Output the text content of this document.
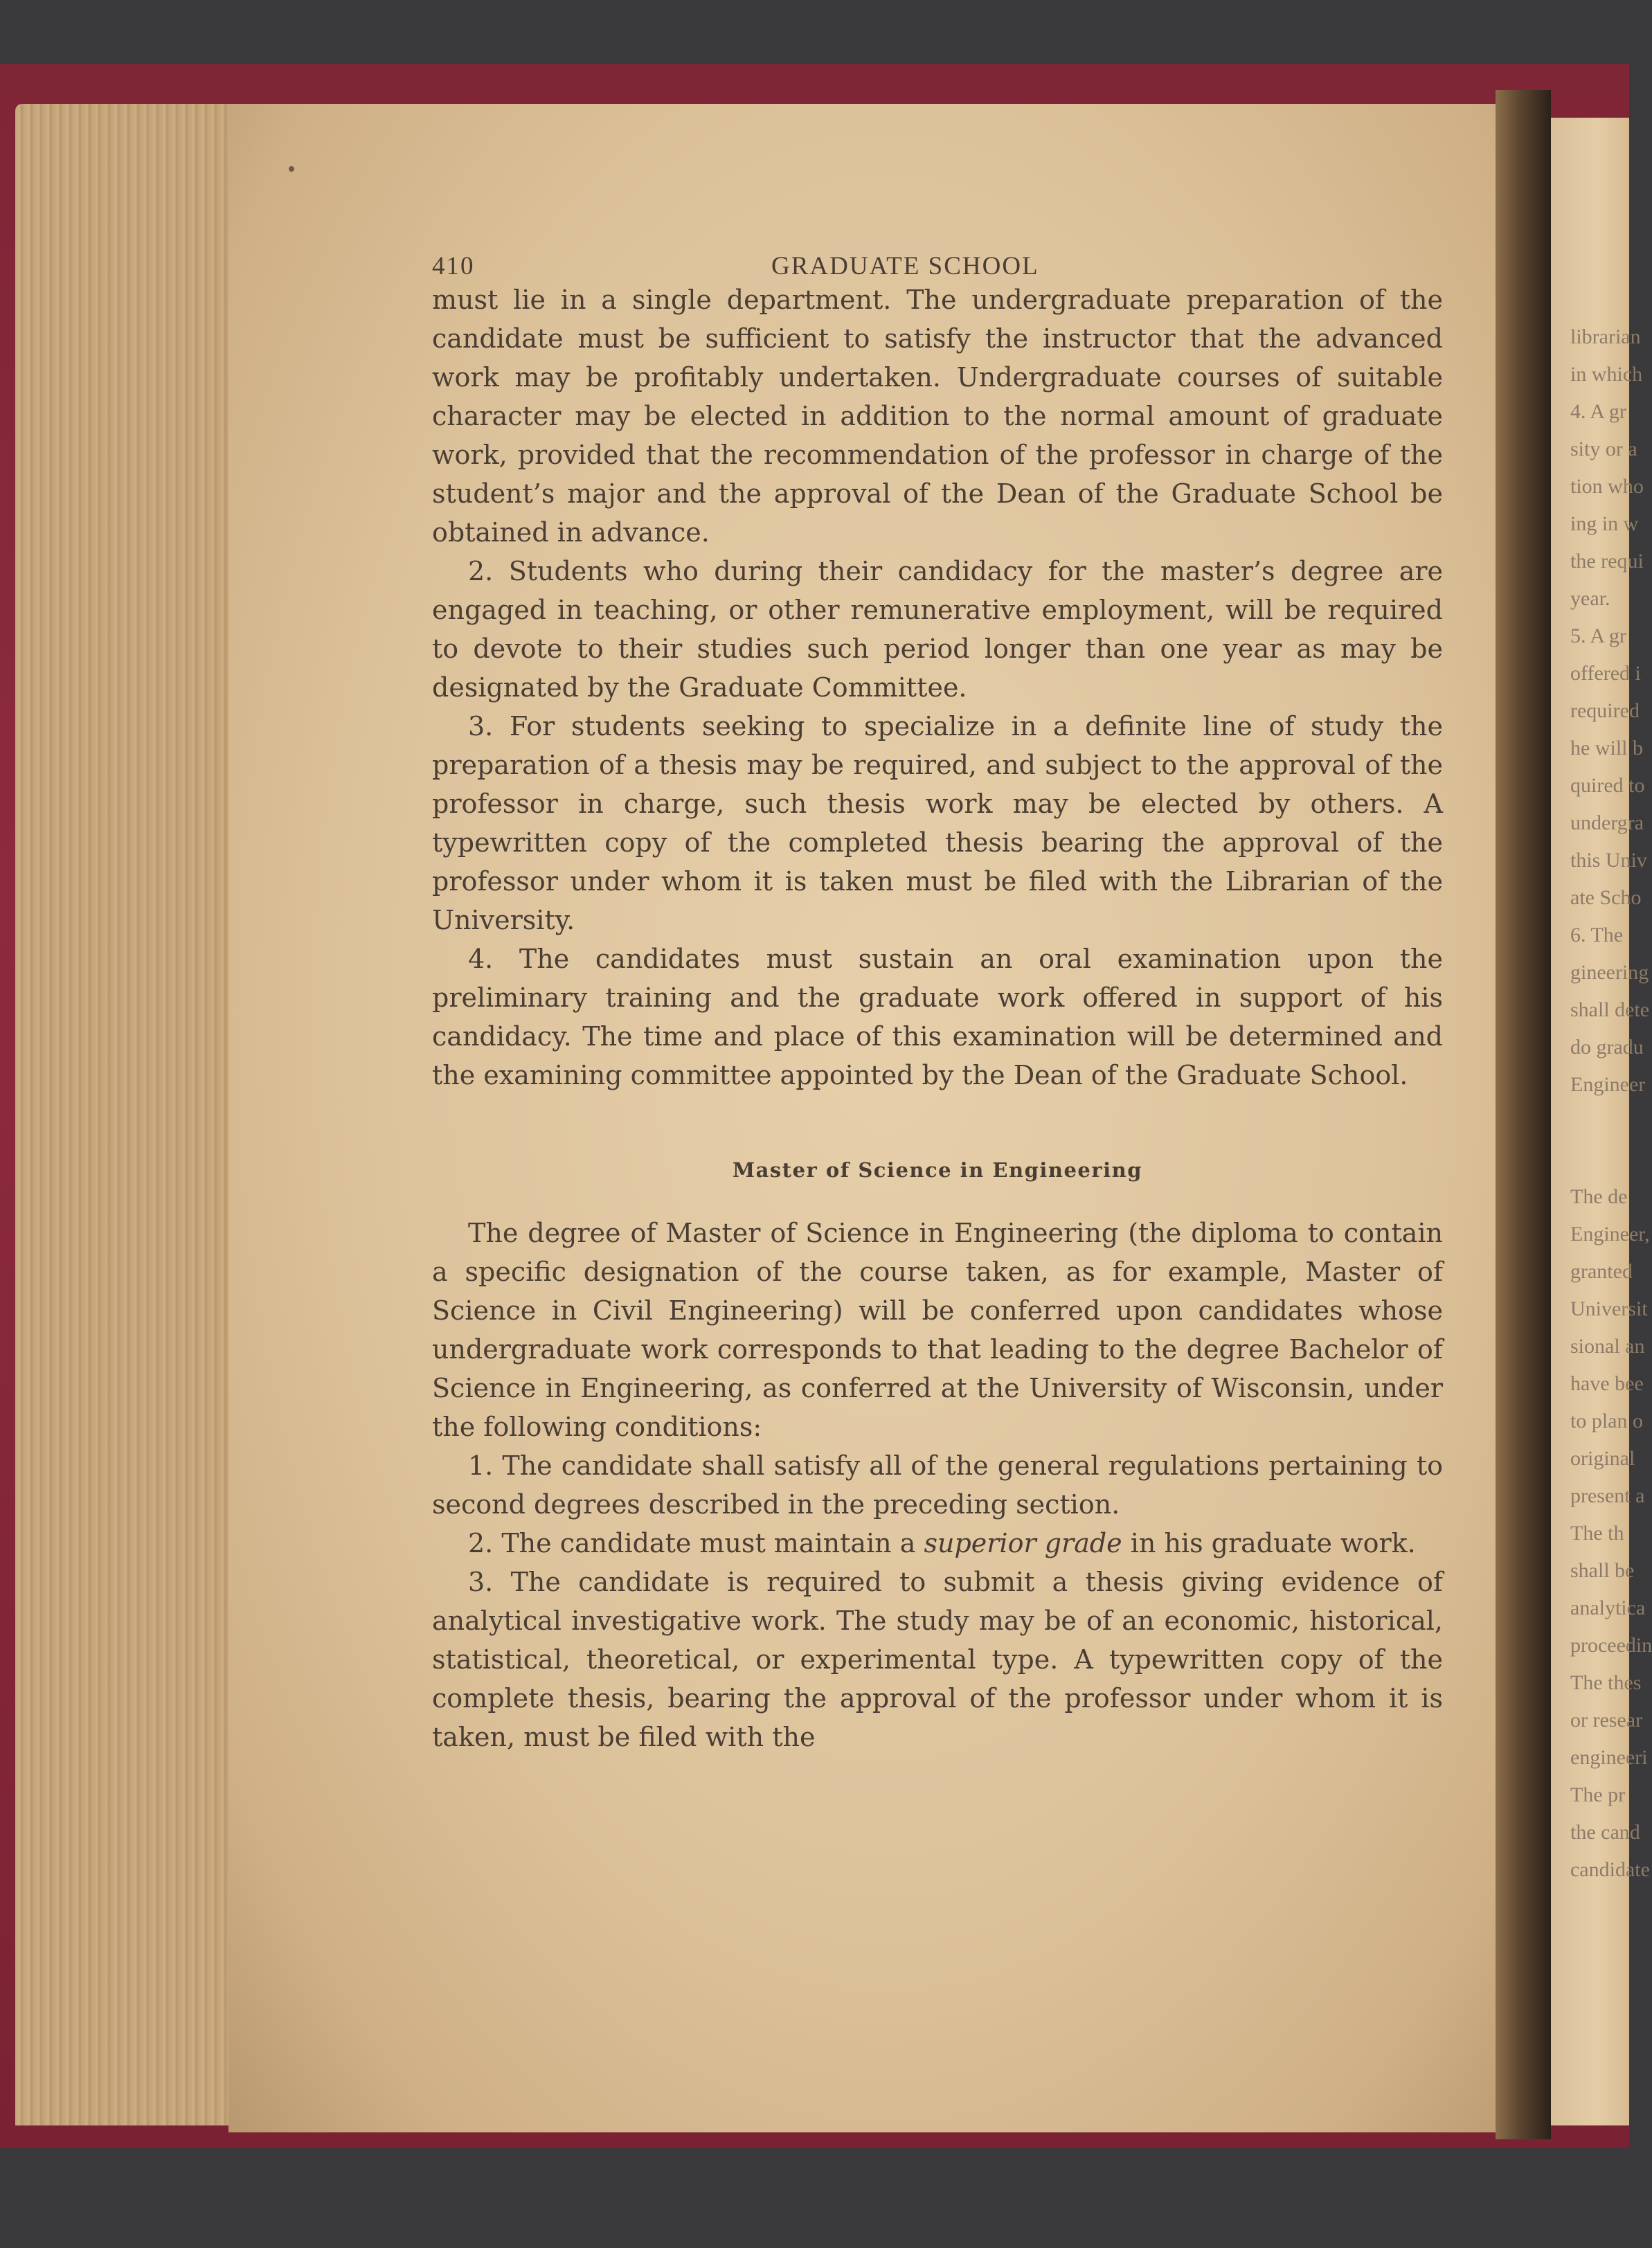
librarian
in which
4. A gr
sity or a
tion who
ing in w
the requi
year.
5. A gr
offered i
required
he will b
quired to
undergra
this Univ
ate Scho
6. The
gineering
shall dete
do gradu
Engineer

The de
Engineer,
granted
Universit
sional an
have bee
to plan o
original
present a
The th
shall be
analytica
proceedin
The thes
or resear
engineeri
The pr
the cand
candidate
410	GRADUATE SCHOOL

must lie in a single department. The undergraduate preparation of the candidate must be sufficient to satisfy the instructor that the advanced work may be profitably undertaken. Undergraduate courses of suitable character may be elected in addition to the normal amount of graduate work, provided that the recommendation of the professor in charge of the student’s major and the approval of the Dean of the Graduate School be obtained in advance.

2. Students who during their candidacy for the master’s degree are engaged in teaching, or other remunerative employment, will be required to devote to their studies such period longer than one year as may be designated by the Graduate Committee.

3. For students seeking to specialize in a definite line of study the preparation of a thesis may be required, and subject to the approval of the professor in charge, such thesis work may be elected by others. A typewritten copy of the completed thesis bearing the approval of the professor under whom it is taken must be filed with the Librarian of the University.

4. The candidates must sustain an oral examination upon the preliminary training and the graduate work offered in support of his candidacy. The time and place of this examination will be determined and the examining committee appointed by the Dean of the Graduate School.

Master of Science in Engineering

The degree of Master of Science in Engineering (the diploma to contain a specific designation of the course taken, as for example, Master of Science in Civil Engineering) will be conferred upon candidates whose undergraduate work corresponds to that leading to the degree Bachelor of Science in Engineering, as conferred at the University of Wisconsin, under the following conditions:

1. The candidate shall satisfy all of the general regulations pertaining to second degrees described in the preceding section.

2. The candidate must maintain a superior grade in his graduate work.

3. The candidate is required to submit a thesis giving evidence of analytical investigative work. The study may be of an economic, historical, statistical, theoretical, or experimental type. A typewritten copy of the complete thesis, bearing the approval of the professor under whom it is taken, must be filed with the
